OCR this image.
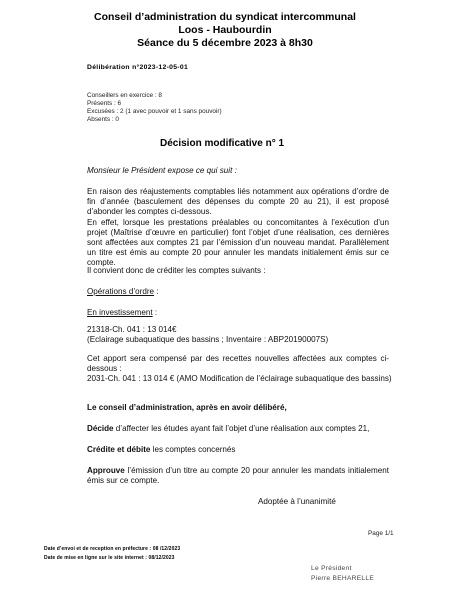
Conseil d’administration du syndicat intercommunal
Loos - Haubourdin
Séance du 5 décembre 2023 à 8h30
Délibération n°2023-12-05-01
Conseillers en exercice : 8
Présents : 6
Excusées : 2 (1 avec pouvoir et 1 sans pouvoir)
Absents : 0
Décision modificative n° 1
Monsieur le Président expose ce qui suit :
En raison des réajustements comptables liés notamment aux opérations d’ordre de fin d’année (basculement des dépenses du compte 20 au 21), il est proposé d’abonder les comptes ci-dessous.
En effet, lorsque les prestations préalables ou concomitantes à l’exécution d’un projet (Maîtrise d’œuvre en particulier) font l’objet d’une réalisation, ces dernières sont affectées aux comptes 21 par l’émission d’un nouveau mandat. Parallèlement un titre est émis au compte 20 pour annuler les mandats initialement émis sur ce compte.
Il convient donc de créditer les comptes suivants :
Opérations d’ordre :
En investissement :
21318-Ch. 041 : 13 014€
(Eclairage subaquatique des bassins ; Inventaire : ABP20190007S)
Cet apport sera compensé par des recettes nouvelles affectées aux comptes ci-dessous :
2031-Ch. 041 : 13 014 € (AMO Modification de l’éclairage subaquatique des bassins)
Le conseil d’administration, après en avoir délibéré,
Décide d’affecter les études ayant fait l’objet d’une réalisation aux comptes 21,
Crédite et débite les comptes concernés
Approuve l’émission d’un titre au compte 20 pour annuler les mandats initialement émis sur ce compte.
Adoptée à l’unanimité
Page 1/1
Date d’envoi et de reception en préfecture : 08 /12/2023
Date de mise en ligne sur le site internet : 08/12/2023
Le Président
Pierre BEHARELLE
